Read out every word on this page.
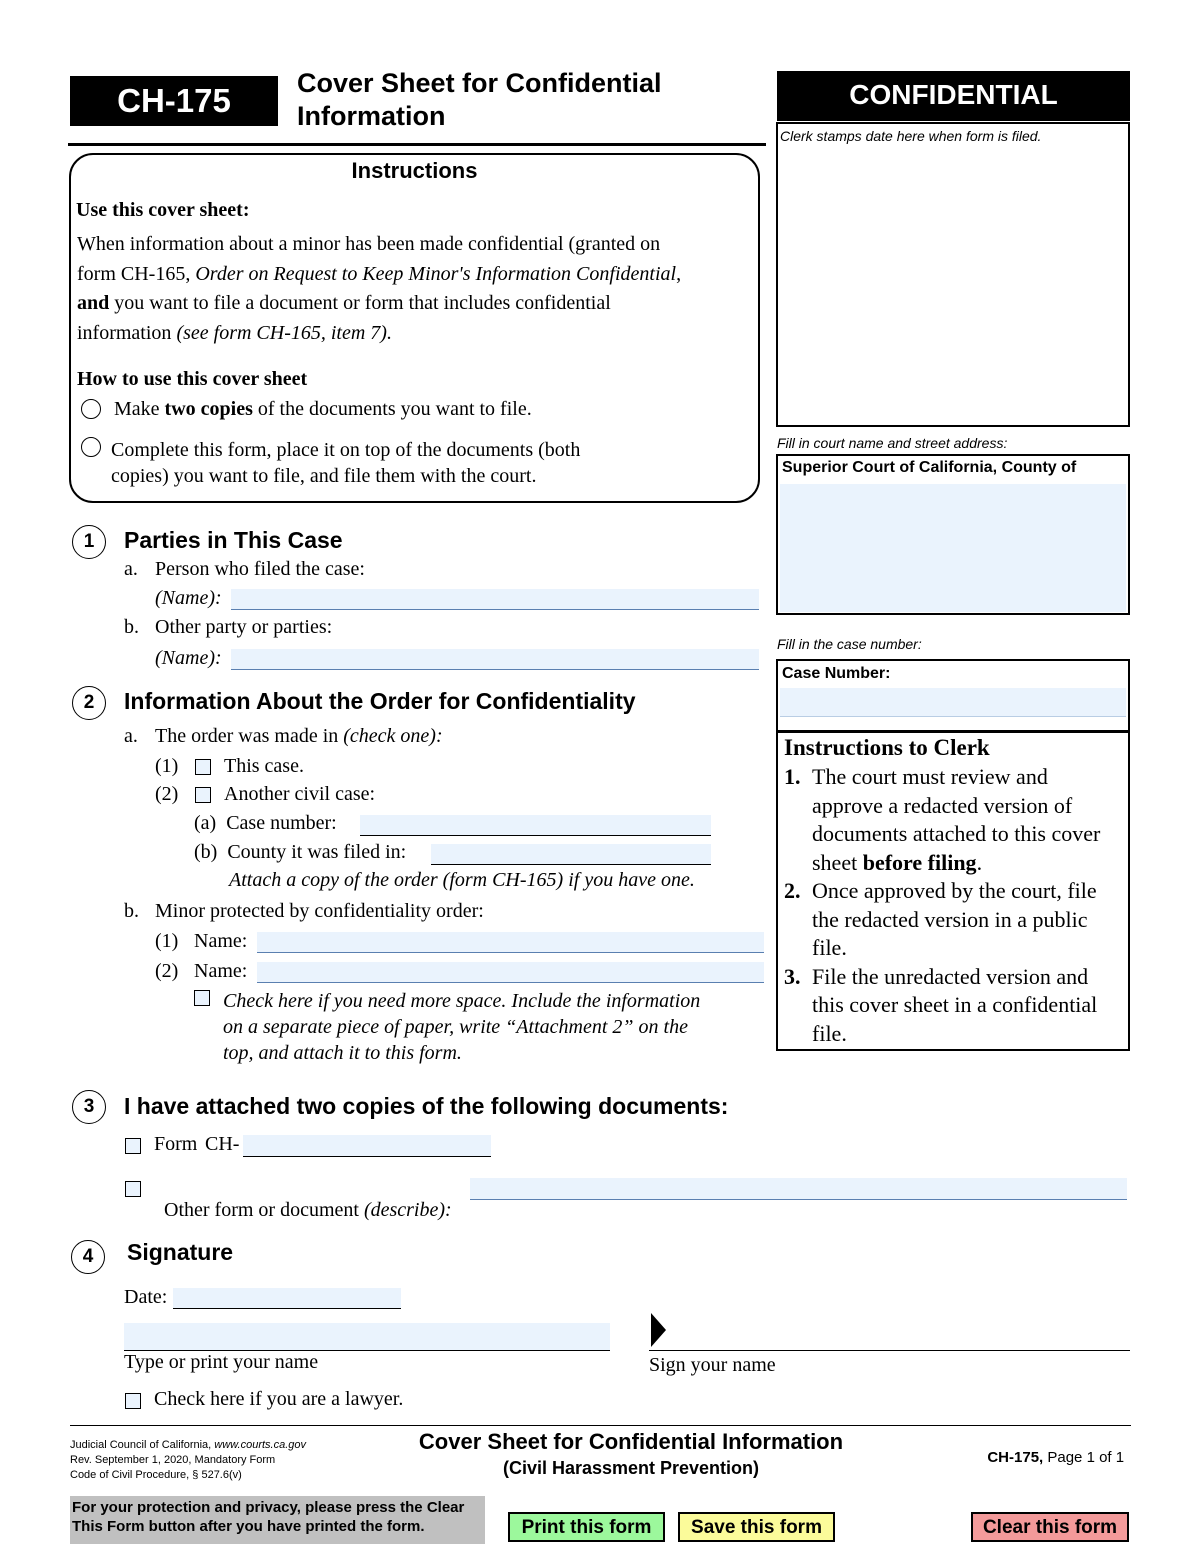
CH-175	Cover Sheet for Confidential
Information
CONFIDENTIAL
Clerk stamps date here when form is filed.
Fill in court name and street address:
Superior Court of California, County of
Fill in the case number:
Case Number:
Instructions to Clerk
1. The court must review and
approve a redacted version of
documents attached to this cover
sheet before filing.
2. Once approved by the court, file
the redacted version in a public
file.
3. File the unredacted version and
this cover sheet in a confidential
file.
Instructions
Use this cover sheet:
When information about a minor has been made confidential (granted on
form CH-165, Order on Request to Keep Minor's Information Confidential,
and you want to file a document or form that includes confidential
information (see form CH-165, item 7).
How to use this cover sheet
Make two copies of the documents you want to file.
Complete this form, place it on top of the documents (both
copies) you want to file, and file them with the court.
1	Parties in This Case
a. Person who filed the case:
(Name):
b. Other party or parties:
(Name):
2	Information About the Order for Confidentiality
a. The order was made in (check one):
(1) This case.
(2) Another civil case:
(a)  Case number:
(b)  County it was filed in:
Attach a copy of the order (form CH-165) if you have one.
b. Minor protected by confidentiality order:
(1) Name:
(2) Name:
Check here if you need more space. Include the information
on a separate piece of paper, write “Attachment 2” on the
top, and attach it to this form.
3	I have attached two copies of the following documents:
Form CH-

Other form or document (describe):

4	Signature
Date:
Type or print your name	Sign your name
Check here if you are a lawyer.
Judicial Council of California, www.courts.ca.gov
Rev. September 1, 2020, Mandatory Form
Code of Civil Procedure, § 527.6(v)
Cover Sheet for Confidential Information
(Civil Harassment Prevention)

CH-175, Page 1 of 1

For your protection and privacy, please press the Clear
This Form button after you have printed the form.	Print this form	Save this form	Clear this form
